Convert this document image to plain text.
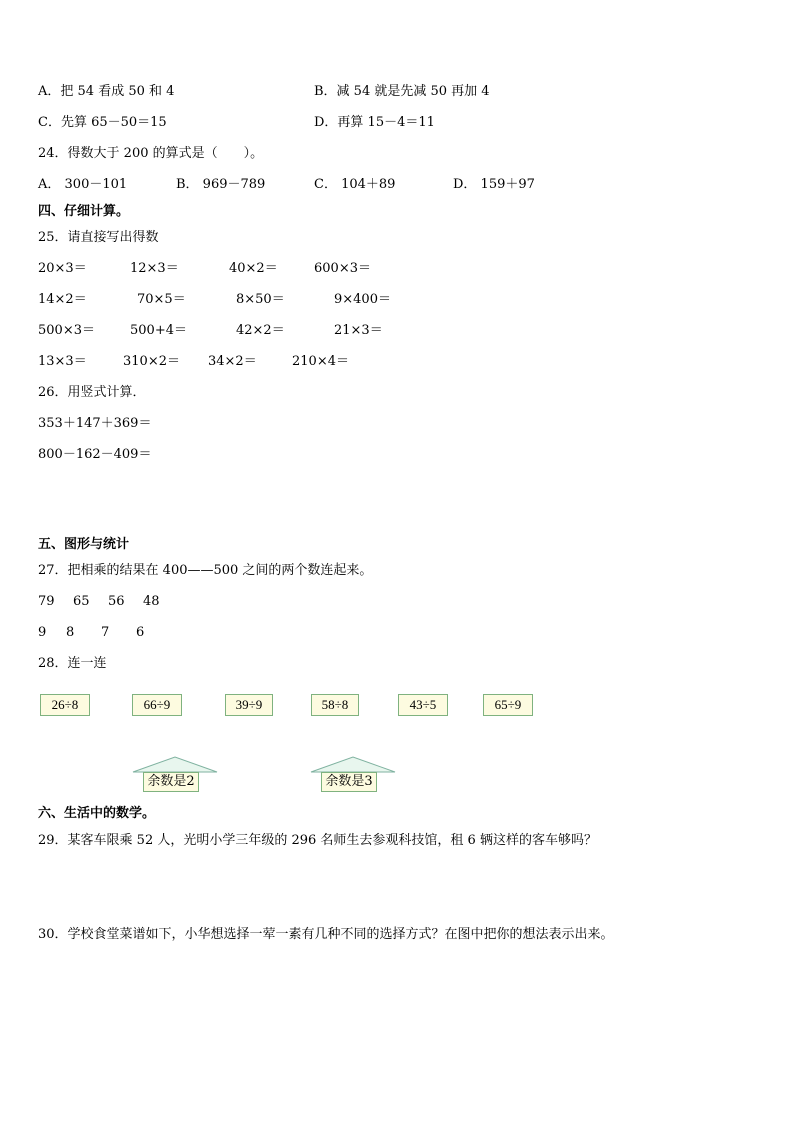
A．把 54 看成 50 和 4	B．减 54 就是先减 50 再加 4
C．先算 65－50＝15	D．再算 15－4＝11
24．得数大于 200 的算式是（　　）。
A． 300－101	B． 969－789	C． 104＋89	D． 159＋97
四、仔细计算。
25．请直接写出得数
20×3＝	12×3＝	40×2＝	600×3＝
14×2＝	70×5＝	8×50＝	9×400＝
500×3＝	500+4＝	42×2＝	21×3＝
13×3＝	310×2＝ 34×2＝	210×4＝
26．用竖式计算．
353＋147＋369＝
800－162－409＝
五、图形与统计
27．把相乘的结果在 400——500 之间的两个数连起来。
79 65 56 48
9 8 7 6
28．连一连
26÷8	66÷9	39÷9	58÷8	43÷5	65÷9
余数是2	余数是3
六、生活中的数学。
29．某客车限乘 52 人，光明小学三年级的 296 名师生去参观科技馆，租 6 辆这样的客车够吗？
30．学校食堂菜谱如下，小华想选择一荤一素有几种不同的选择方式？在图中把你的想法表示出来。
